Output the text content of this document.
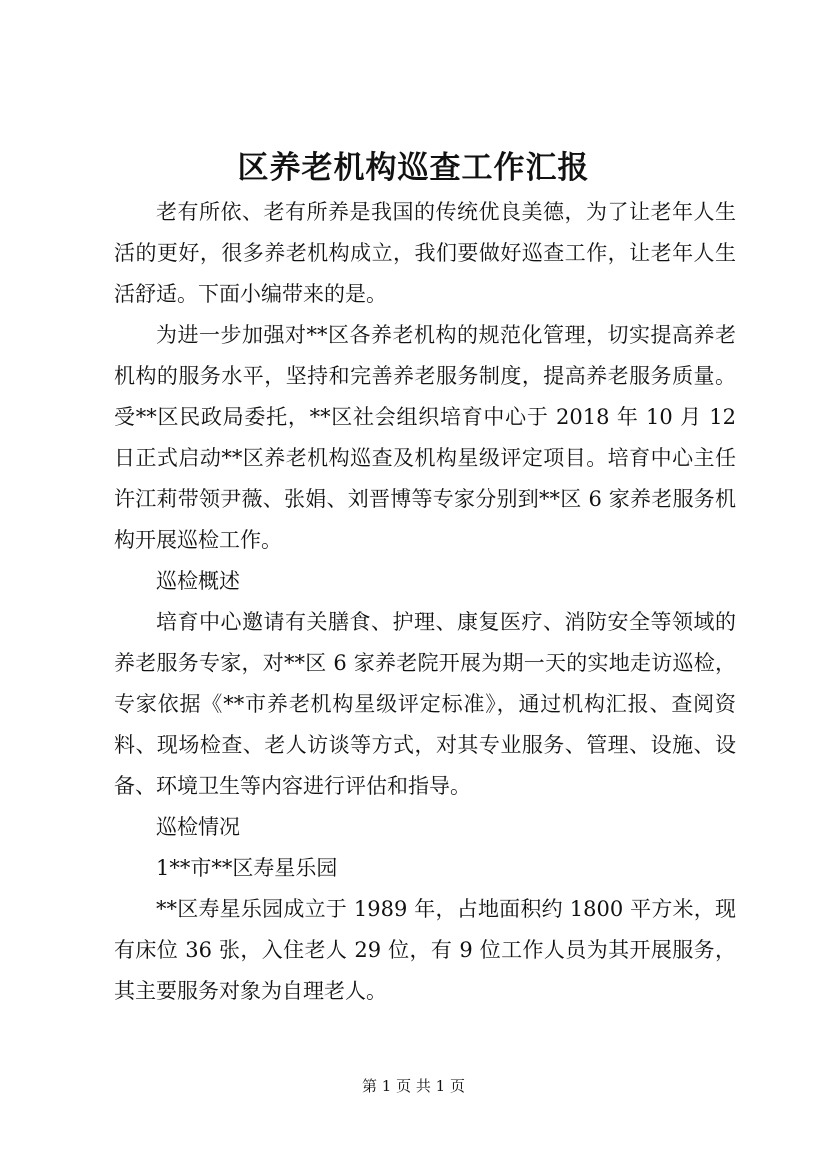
区养老机构巡查工作汇报

老有所依、老有所养是我国的传统优良美德，为了让老年人生活的更好，很多养老机构成立，我们要做好巡查工作，让老年人生活舒适。下面小编带来的是。

为进一步加强对**区各养老机构的规范化管理，切实提高养老机构的服务水平，坚持和完善养老服务制度，提高养老服务质量。受**区民政局委托，**区社会组织培育中心于 2018 年 10 月 12 日正式启动**区养老机构巡查及机构星级评定项目。培育中心主任许江莉带领尹薇、张娟、刘晋博等专家分别到**区 6 家养老服务机构开展巡检工作。

巡检概述

培育中心邀请有关膳食、护理、康复医疗、消防安全等领域的养老服务专家，对**区 6 家养老院开展为期一天的实地走访巡检，专家依据《**市养老机构星级评定标准》，通过机构汇报、查阅资料、现场检查、老人访谈等方式，对其专业服务、管理、设施、设备、环境卫生等内容进行评估和指导。

巡检情况

1**市**区寿星乐园

**区寿星乐园成立于 1989 年，占地面积约 1800 平方米，现有床位 36 张，入住老人 29 位，有 9 位工作人员为其开展服务，其主要服务对象为自理老人。

第 1 页 共 1 页
